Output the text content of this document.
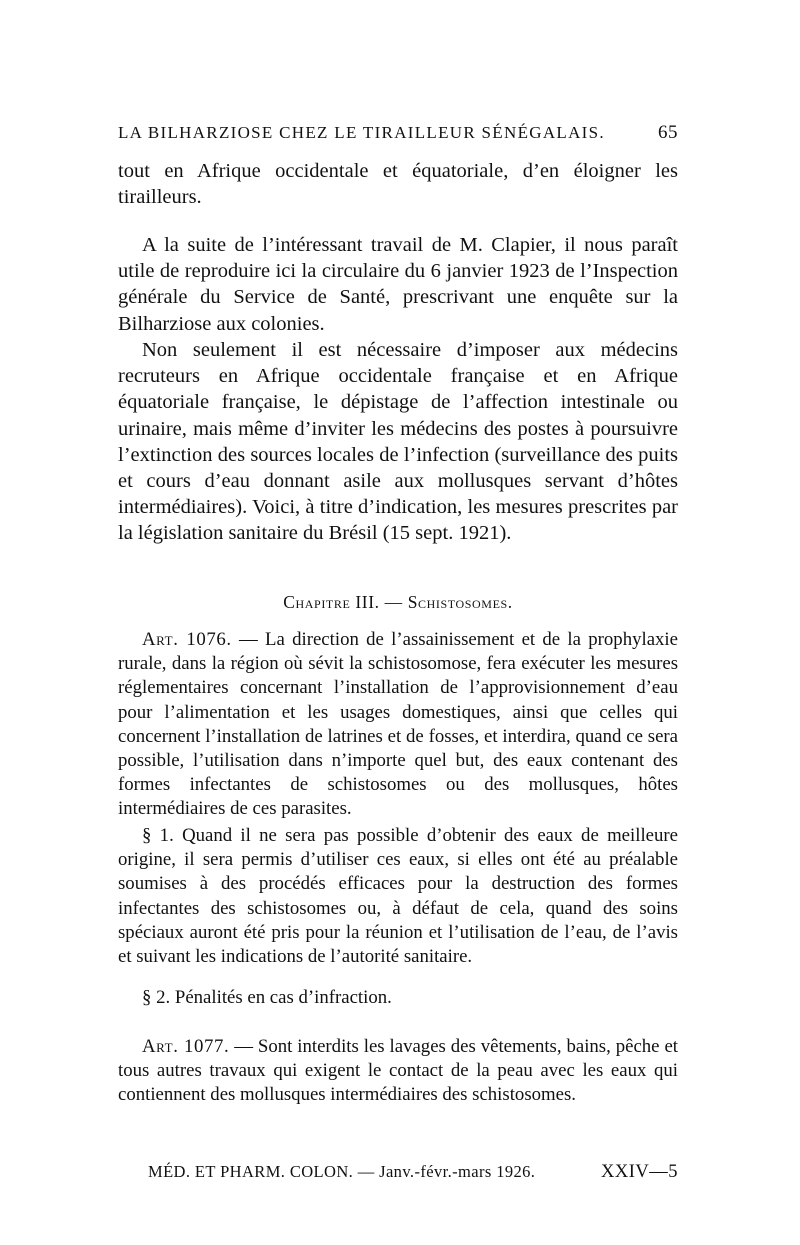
LA BILHARZIOSE CHEZ LE TIRAILLEUR SÉNÉGALAIS.	65

tout en Afrique occidentale et équatoriale, d’en éloigner les tirailleurs.

A la suite de l’intéressant travail de M. Clapier, il nous paraît utile de reproduire ici la circulaire du 6 janvier 1923 de l’Inspection générale du Service de Santé, prescrivant une enquête sur la Bilharziose aux colonies.

Non seulement il est nécessaire d’imposer aux médecins recruteurs en Afrique occidentale française et en Afrique équatoriale française, le dépistage de l’affection intestinale ou urinaire, mais même d’inviter les médecins des postes à poursuivre l’extinction des sources locales de l’infection (surveillance des puits et cours d’eau donnant asile aux mollusques servant d’hôtes intermédiaires). Voici, à titre d’indication, les mesures prescrites par la législation sanitaire du Brésil (15 sept. 1921).

Chapitre III. — Schistosomes.

Art. 1076. — La direction de l’assainissement et de la prophylaxie rurale, dans la région où sévit la schistosomose, fera exécuter les mesures réglementaires concernant l’installation de l’approvisionnement d’eau pour l’alimentation et les usages domestiques, ainsi que celles qui concernent l’installation de latrines et de fosses, et interdira, quand ce sera possible, l’utilisation dans n’importe quel but, des eaux contenant des formes infectantes de schistosomes ou des mollusques, hôtes intermédiaires de ces parasites.

§ 1. Quand il ne sera pas possible d’obtenir des eaux de meilleure origine, il sera permis d’utiliser ces eaux, si elles ont été au préalable soumises à des procédés efficaces pour la destruction des formes infectantes des schistosomes ou, à défaut de cela, quand des soins spéciaux auront été pris pour la réunion et l’utilisation de l’eau, de l’avis et suivant les indications de l’autorité sanitaire.

§ 2. Pénalités en cas d’infraction.

Art. 1077. — Sont interdits les lavages des vêtements, bains, pêche et tous autres travaux qui exigent le contact de la peau avec les eaux qui contiennent des mollusques intermédiaires des schistosomes.

MÉD. ET PHARM. COLON. — Janv.-févr.-mars 1926.	XXIV—5
